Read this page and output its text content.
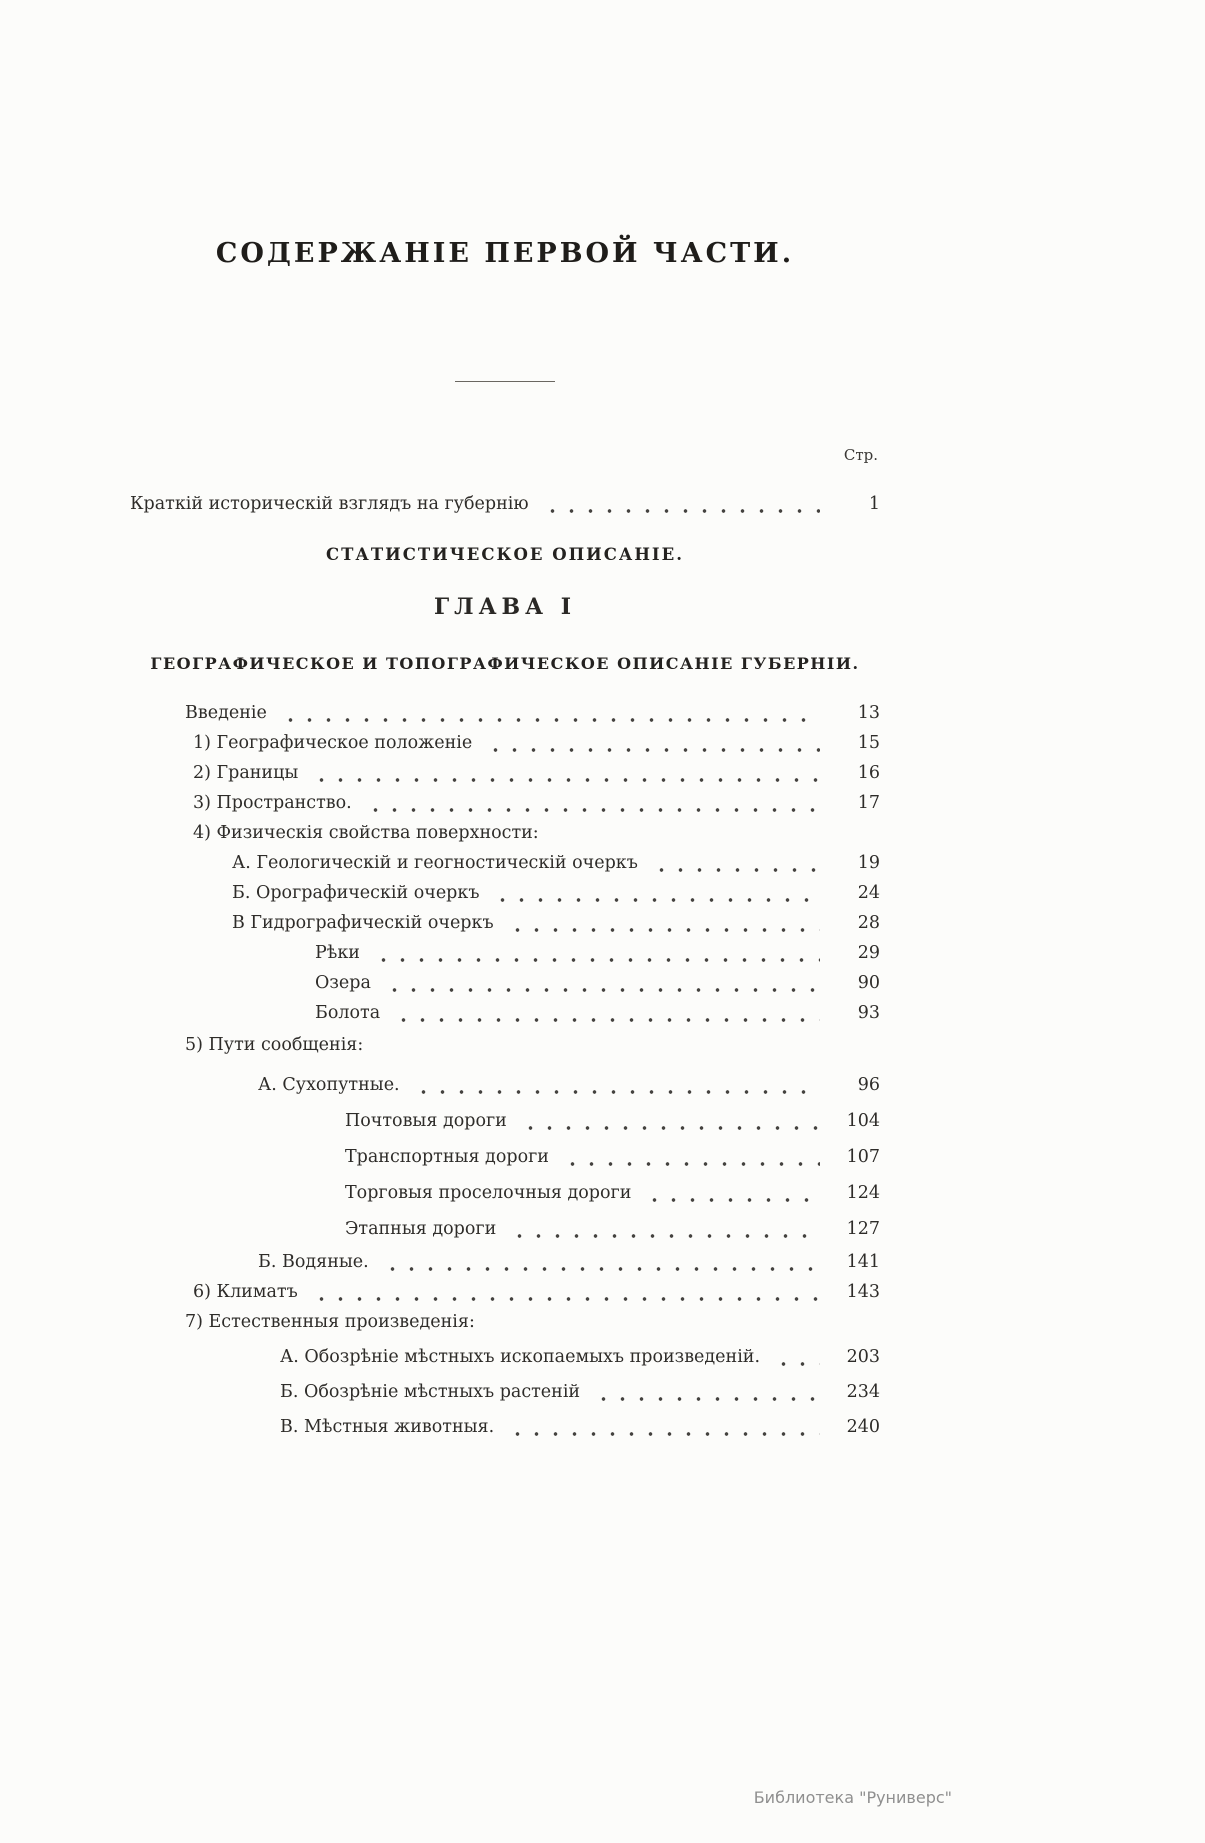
СОДЕРЖАНІЕ ПЕРВОЙ ЧАСТИ.
Стр.
Краткій историческій взглядъ на губернію	1
СТАТИСТИЧЕСКОЕ ОПИСАНІЕ.
ГЛАВА I
ГЕОГРАФИЧЕСКОЕ И ТОПОГРАФИЧЕСКОЕ ОПИСАНІЕ ГУБЕРНІИ.
Введеніе	13
1) Географическое положеніе	15
2) Границы	16
3) Пространство.	17
4) Физическія свойства поверхности:
А. Геологическій и геогностическій очеркъ	19
Б. Орографическій очеркъ	24
В Гидрографическій очеркъ	28
Рѣки	29
Озера	90
Болота	93
5) Пути сообщенія:
А. Сухопутные.	96
Почтовыя дороги	104
Транспортныя дороги	107
Торговыя проселочныя дороги	124
Этапныя дороги	127
Б. Водяные.	141
6) Климатъ	143
7) Естественныя произведенія:
А. Обозрѣніе мѣстныхъ ископаемыхъ произведеній.	203
Б. Обозрѣніе мѣстныхъ растеній	234
В. Мѣстныя животныя.	240
Библиотека "Руниверс"
